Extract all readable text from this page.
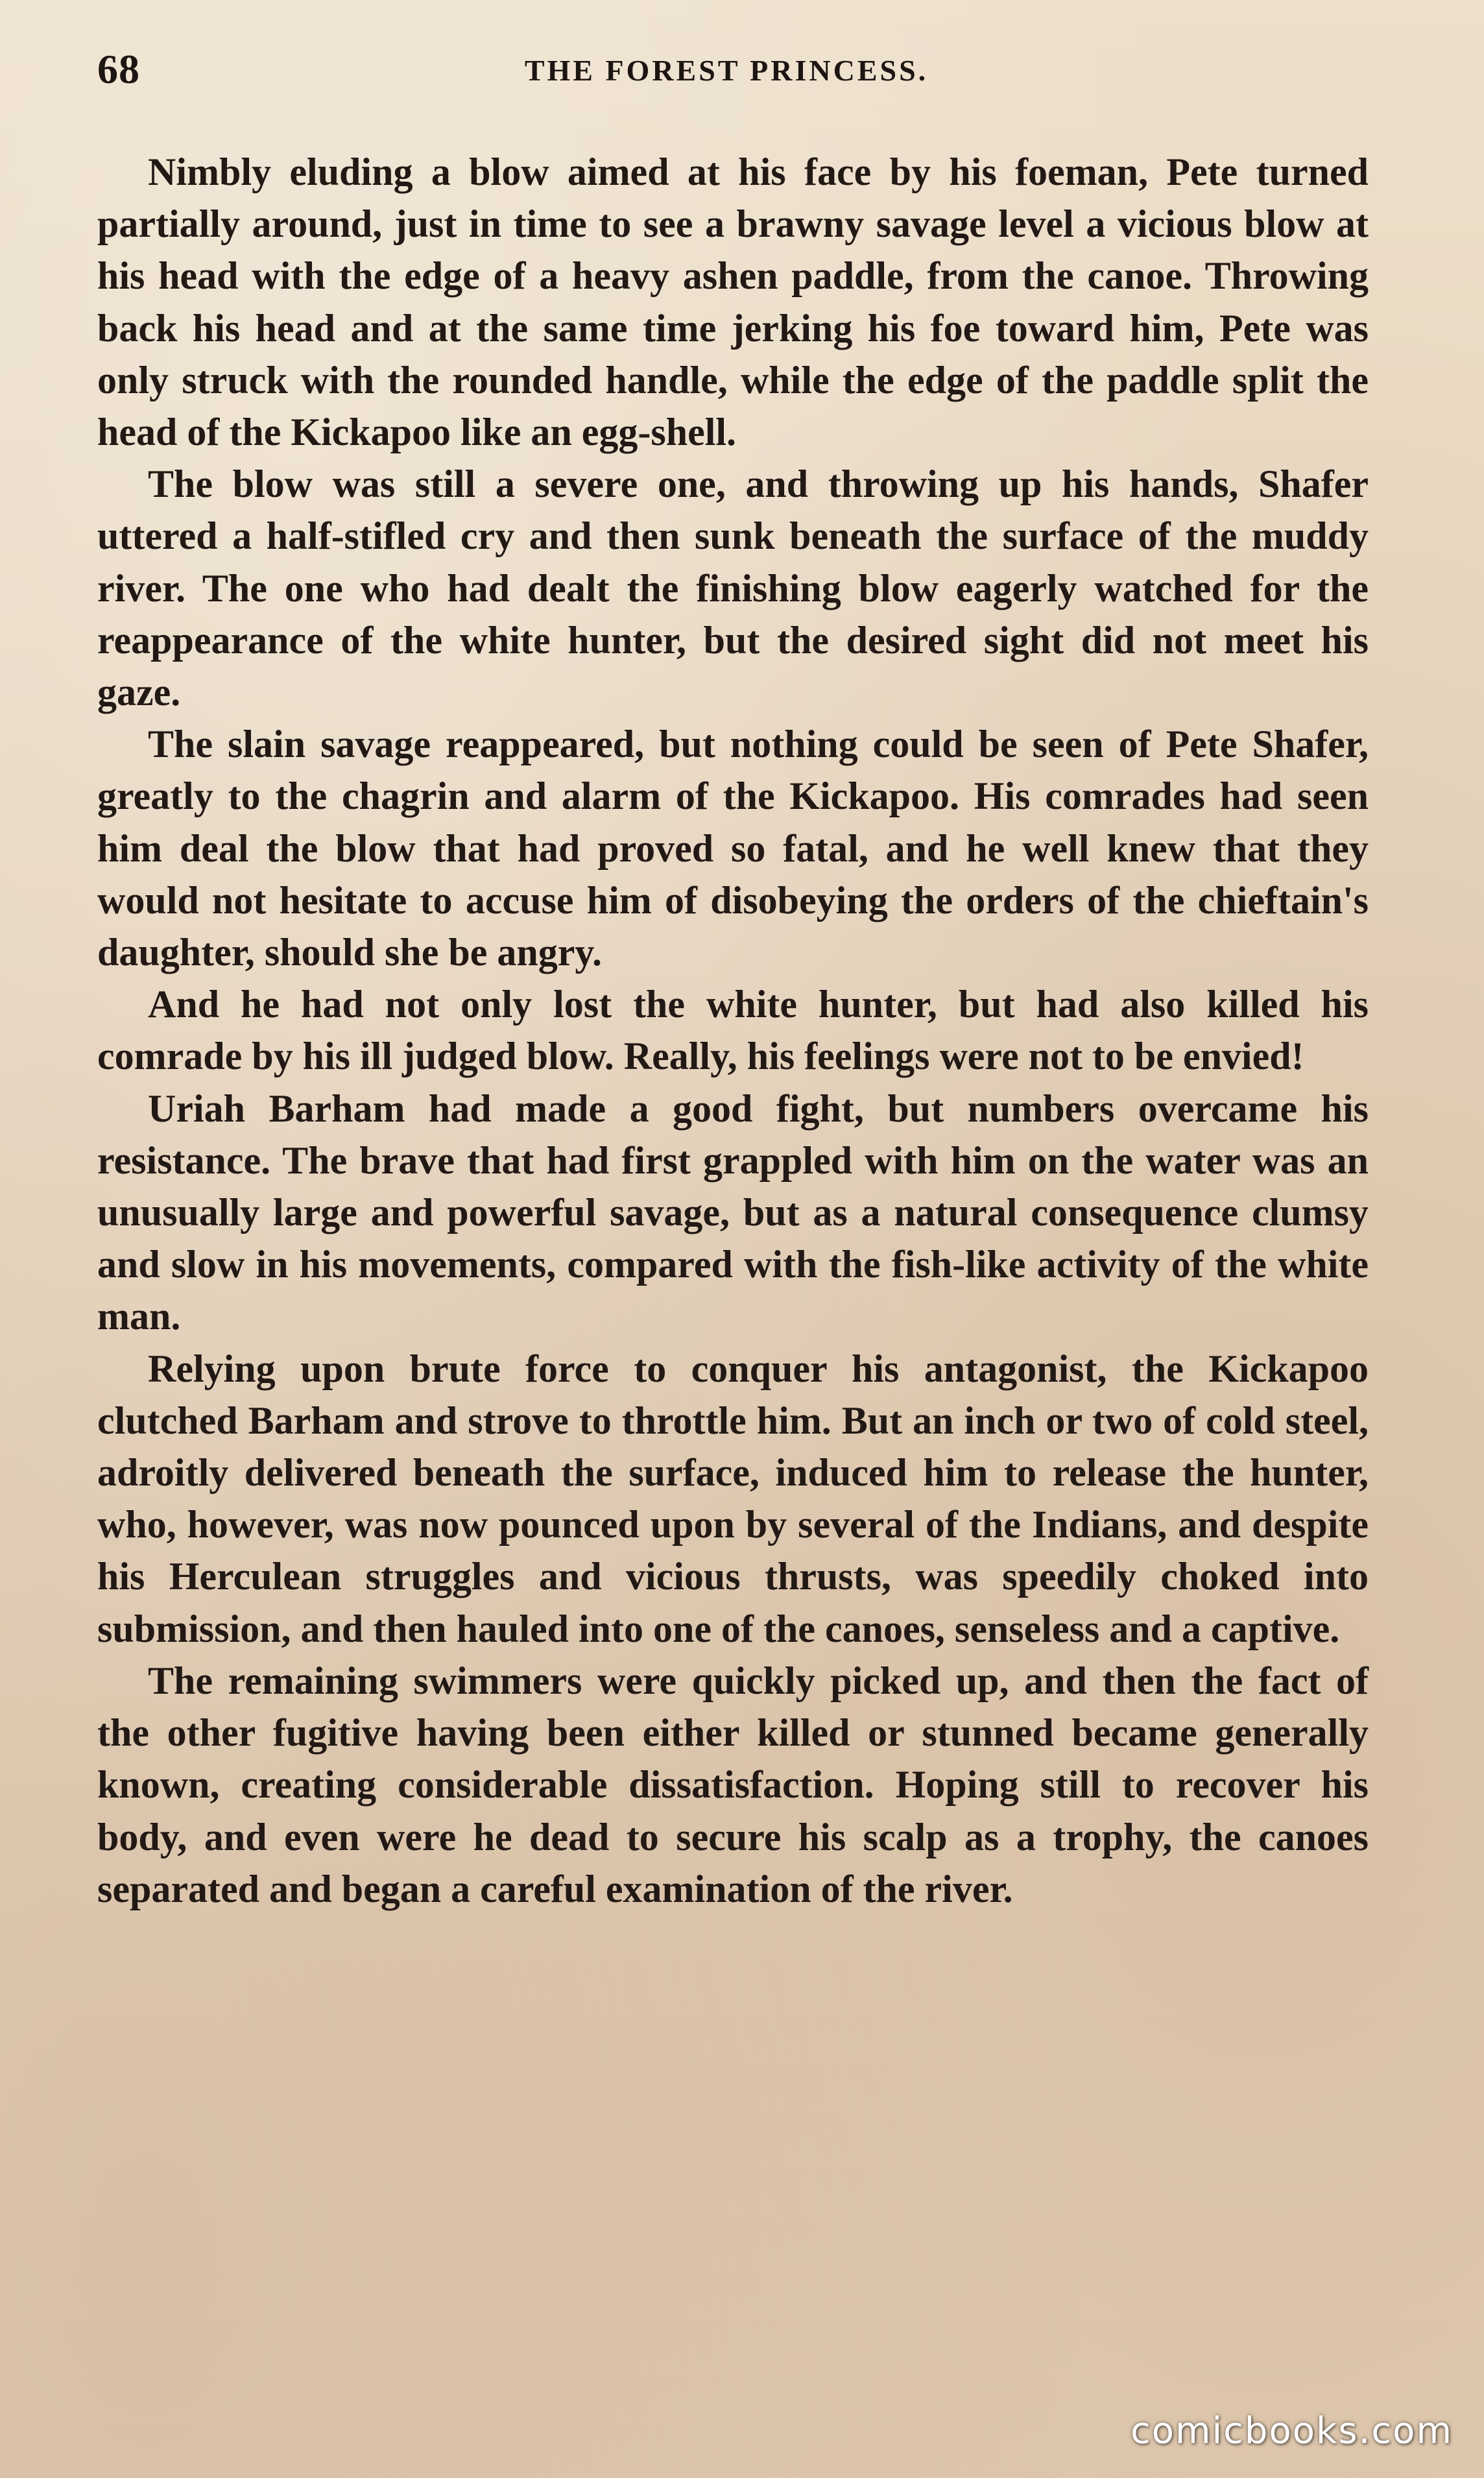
68	THE FOREST PRINCESS.

Nimbly eluding a blow aimed at his face by his foeman, Pete turned partially around, just in time to see a brawny savage level a vicious blow at his head with the edge of a heavy ashen paddle, from the canoe. Throwing back his head and at the same time jerking his foe toward him, Pete was only struck with the rounded handle, while the edge of the paddle split the head of the Kickapoo like an egg-shell.

The blow was still a severe one, and throwing up his hands, Shafer uttered a half-stifled cry and then sunk beneath the surface of the muddy river. The one who had dealt the finishing blow eagerly watched for the reappearance of the white hunter, but the desired sight did not meet his gaze.

The slain savage reappeared, but nothing could be seen of Pete Shafer, greatly to the chagrin and alarm of the Kickapoo. His comrades had seen him deal the blow that had proved so fatal, and he well knew that they would not hesitate to accuse him of disobeying the orders of the chieftain's daughter, should she be angry.

And he had not only lost the white hunter, but had also killed his comrade by his ill judged blow. Really, his feelings were not to be envied!

Uriah Barham had made a good fight, but numbers overcame his resistance. The brave that had first grappled with him on the water was an unusually large and powerful savage, but as a natural consequence clumsy and slow in his movements, compared with the fish-like activity of the white man.

Relying upon brute force to conquer his antagonist, the Kickapoo clutched Barham and strove to throttle him. But an inch or two of cold steel, adroitly delivered beneath the surface, induced him to release the hunter, who, however, was now pounced upon by several of the Indians, and despite his Herculean struggles and vicious thrusts, was speedily choked into submission, and then hauled into one of the canoes, senseless and a captive.

The remaining swimmers were quickly picked up, and then the fact of the other fugitive having been either killed or stunned became generally known, creating considerable dissatisfaction. Hoping still to recover his body, and even were he dead to secure his scalp as a trophy, the canoes separated and began a careful examination of the river.

comicbooks.com
